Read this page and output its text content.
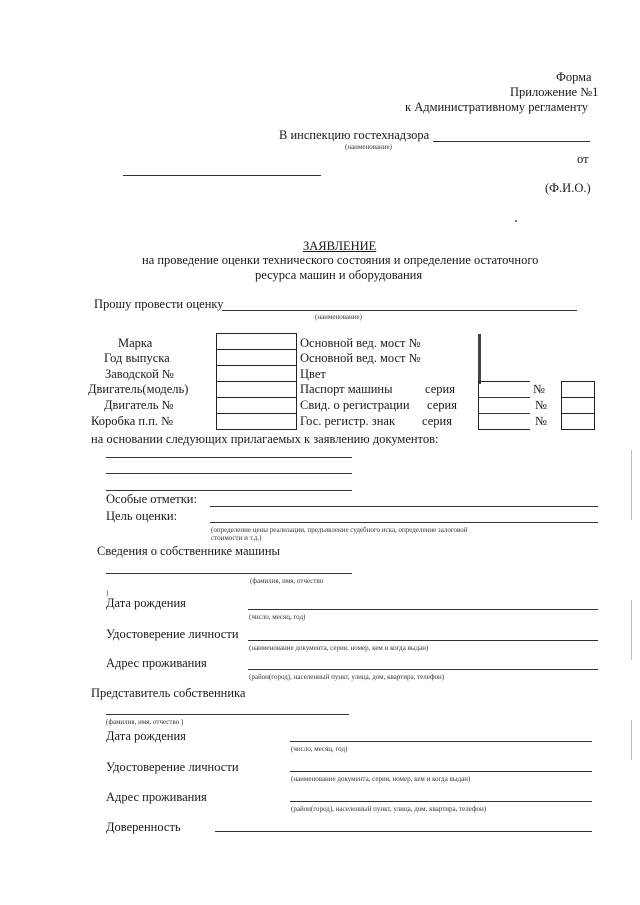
Форма
Приложение №1
к Административному регламенту
В инспекцию гостехнадзора
(наименование)
от
(Ф.И.О.)
ЗАЯВЛЕНИЕ
на проведение оценки технического состояния и определение остаточного
ресурса машин и оборудования
Прошу провести оценку
(наименование)
Марка
Год выпуска
Заводской №
Двигатель(модель)
Двигатель №
Коробка п.п. №
Основной вед. мост №
Основной вед. мост №
Цвет
Паспорт машины
Свид. о регистрации
Гос. регистр. знак
серия
серия
серия
№
№
№
на основании следующих прилагаемых к заявлению документов:
Особые отметки:
Цель оценки:
(определение цены реализации, предъявление судебного иска, определение залоговой
стоимости и т.д.)
Сведения о собственнике машины
(фамилия, имя, отчество
)
Дата рождения
(число, месяц, год)
Удостоверение личности
(наименование документа, серия, номер, кем и когда выдан)
Адрес проживания
(район(город), населенный пункт, улица, дом, квартира, телефон)
Представитель собственника
(фамилия, имя, отчество )
Дата рождения
(число, месяц, год)
Удостоверение личности
(наименование документа, серия, номер, кем и когда выдан)
Адрес проживания
(район(город), населенный пункт, улица, дом, квартира, телефон)
Доверенность
